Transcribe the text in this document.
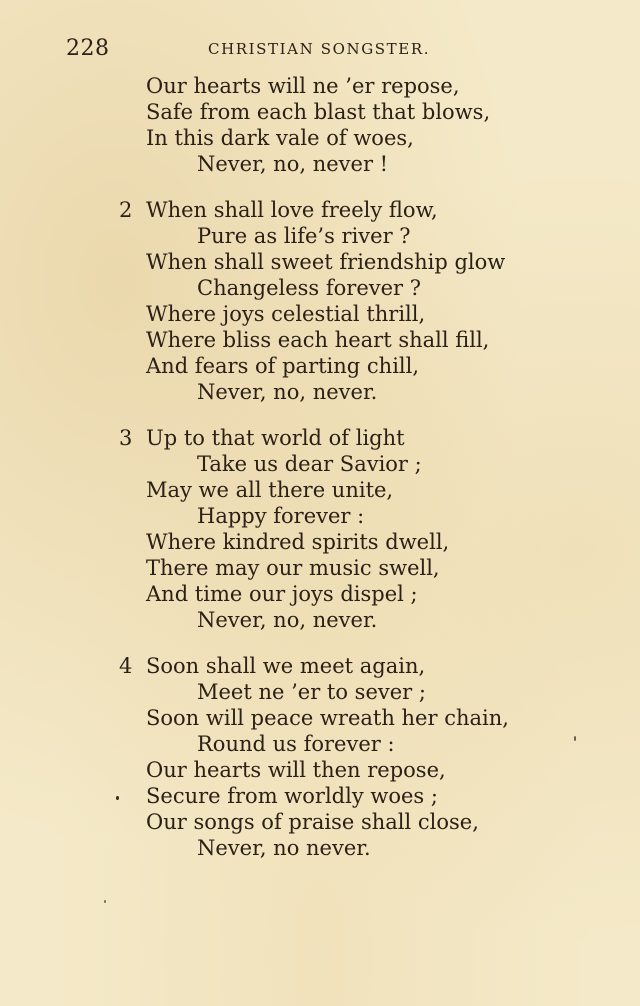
228	CHRISTIAN SONGSTER.
Our hearts will ne ’er repose,
Safe from each blast that blows,
In this dark vale of woes,
Never, no, never !
2 When shall love freely flow,
Pure as life’s river ?
When shall sweet friendship glow
Changeless forever ?
Where joys celestial thrill,
Where bliss each heart shall fill,
And fears of parting chill,
Never, no, never.
3 Up to that world of light
Take us dear Savior ;
May we all there unite,
Happy forever :
Where kindred spirits dwell,
There may our music swell,
And time our joys dispel ;
Never, no, never.
4 Soon shall we meet again,
Meet ne ’er to sever ;
Soon will peace wreath her chain,
Round us forever :
Our hearts will then repose,
Secure from worldly woes ;
Our songs of praise shall close,
Never, no never.
